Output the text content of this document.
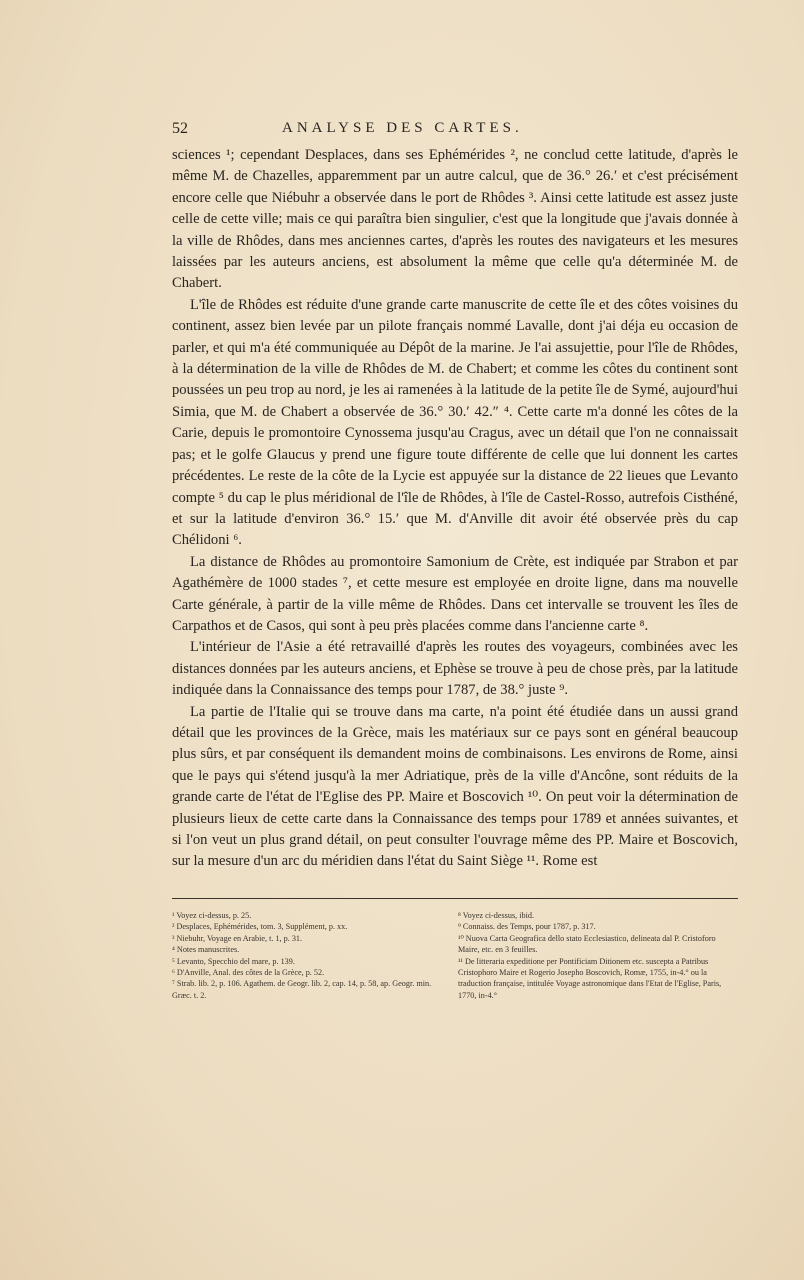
52	ANALYSE DES CARTES.

sciences ¹; cependant Desplaces, dans ses Ephémérides ², ne conclud cette latitude, d'après le même M. de Chazelles, apparemment par un autre calcul, que de 36.° 26.′ et c'est précisément encore celle que Niébuhr a observée dans le port de Rhôdes ³. Ainsi cette latitude est assez juste celle de cette ville; mais ce qui paraîtra bien singulier, c'est que la longitude que j'avais donnée à la ville de Rhôdes, dans mes anciennes cartes, d'après les routes des navigateurs et les mesures laissées par les auteurs anciens, est absolument la même que celle qu'a déterminée M. de Chabert.

L'île de Rhôdes est réduite d'une grande carte manuscrite de cette île et des côtes voisines du continent, assez bien levée par un pilote français nommé Lavalle, dont j'ai déja eu occasion de parler, et qui m'a été communiquée au Dépôt de la marine. Je l'ai assujettie, pour l'île de Rhôdes, à la détermination de la ville de Rhôdes de M. de Chabert; et comme les côtes du continent sont poussées un peu trop au nord, je les ai ramenées à la latitude de la petite île de Symé, aujourd'hui Simia, que M. de Chabert a observée de 36.° 30.′ 42.″ ⁴. Cette carte m'a donné les côtes de la Carie, depuis le promontoire Cynossema jusqu'au Cragus, avec un détail que l'on ne connaissait pas; et le golfe Glaucus y prend une figure toute différente de celle que lui donnent les cartes précédentes. Le reste de la côte de la Lycie est appuyée sur la distance de 22 lieues que Levanto compte ⁵ du cap le plus méridional de l'île de Rhôdes, à l'île de Castel-Rosso, autrefois Cisthéné, et sur la latitude d'environ 36.° 15.′ que M. d'Anville dit avoir été observée près du cap Chélidoni ⁶.

La distance de Rhôdes au promontoire Samonium de Crète, est indiquée par Strabon et par Agathémère de 1000 stades ⁷, et cette mesure est employée en droite ligne, dans ma nouvelle Carte générale, à partir de la ville même de Rhôdes. Dans cet intervalle se trouvent les îles de Carpathos et de Casos, qui sont à peu près placées comme dans l'ancienne carte ⁸.

L'intérieur de l'Asie a été retravaillé d'après les routes des voyageurs, combinées avec les distances données par les auteurs anciens, et Ephèse se trouve à peu de chose près, par la latitude indiquée dans la Connaissance des temps pour 1787, de 38.° juste ⁹.

La partie de l'Italie qui se trouve dans ma carte, n'a point été étudiée dans un aussi grand détail que les provinces de la Grèce, mais les matériaux sur ce pays sont en général beaucoup plus sûrs, et par conséquent ils demandent moins de combinaisons. Les environs de Rome, ainsi que le pays qui s'étend jusqu'à la mer Adriatique, près de la ville d'Ancône, sont réduits de la grande carte de l'état de l'Eglise des PP. Maire et Boscovich ¹⁰. On peut voir la détermination de plusieurs lieux de cette carte dans la Connaissance des temps pour 1789 et années suivantes, et si l'on veut un plus grand détail, on peut consulter l'ouvrage même des PP. Maire et Boscovich, sur la mesure d'un arc du méridien dans l'état du Saint Siège ¹¹. Rome est

¹ Voyez ci-dessus, p. 25.
² Desplaces, Ephémérides, tom. 3, Supplément, p. xx.
³ Niebuhr, Voyage en Arabie, t. 1, p. 31.
⁴ Notes manuscrites.
⁵ Levanto, Specchio del mare, p. 139.
⁶ D'Anville, Anal. des côtes de la Grèce, p. 52.
⁷ Strab. lib. 2, p. 106. Agathem. de Geogr. lib. 2, cap. 14, p. 58, ap. Geogr. min. Græc. t. 2.
⁸ Voyez ci-dessus, ibid.
⁹ Connaiss. des Temps, pour 1787, p. 317.
¹⁰ Nuova Carta Geografica dello stato Ecclesiastico, delineata dal P. Cristoforo Maire, etc. en 3 feuilles.
¹¹ De litteraria expeditione per Pontificiam Ditionem etc. suscepta a Patribus Cristophoro Maire et Rogerio Josepho Boscovich, Romæ, 1755, in-4.° ou la traduction française, intitulée Voyage astronomique dans l'Etat de l'Eglise, Paris, 1770, in-4.°
